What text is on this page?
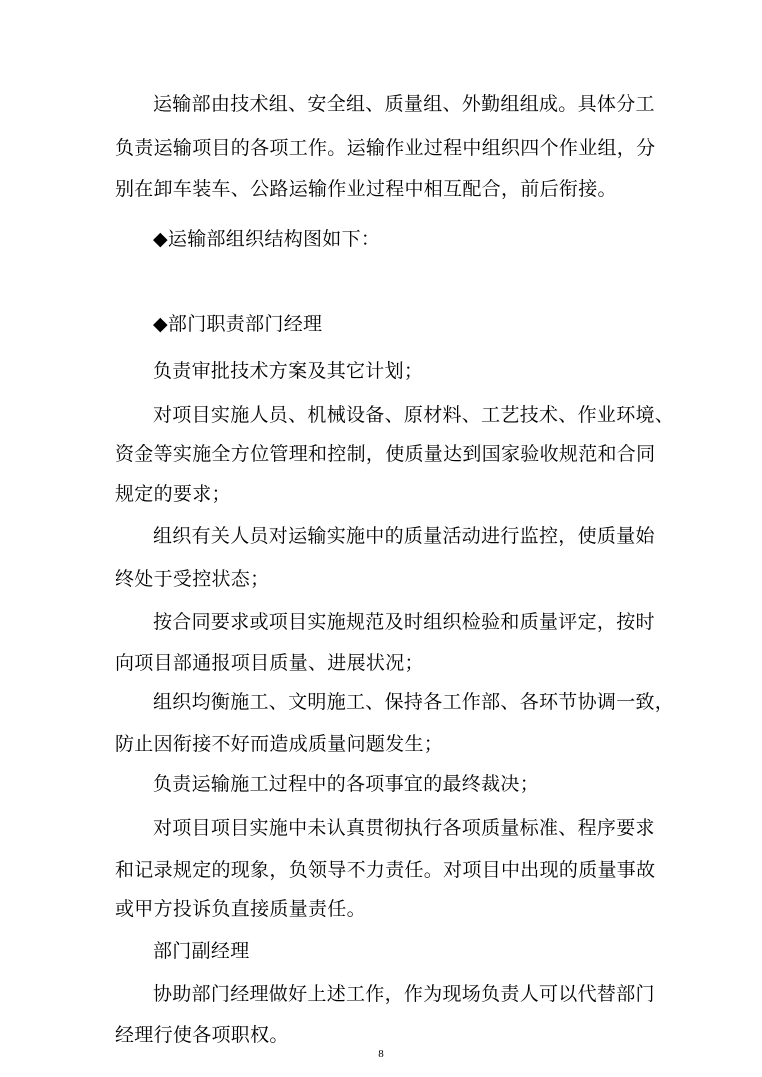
运输部由技术组、安全组、质量组、外勤组组成。具体分工
负责运输项目的各项工作。运输作业过程中组织四个作业组，分
别在卸车装车、公路运输作业过程中相互配合，前后衔接。
◆运输部组织结构图如下：
◆部门职责部门经理
负责审批技术方案及其它计划；
对项目实施人员、机械设备、原材料、工艺技术、作业环境、
资金等实施全方位管理和控制，使质量达到国家验收规范和合同
规定的要求；
组织有关人员对运输实施中的质量活动进行监控，使质量始
终处于受控状态；
按合同要求或项目实施规范及时组织检验和质量评定，按时
向项目部通报项目质量、进展状况；
组织均衡施工、文明施工、保持各工作部、各环节协调一致，
防止因衔接不好而造成质量问题发生；
负责运输施工过程中的各项事宜的最终裁决；
对项目项目实施中未认真贯彻执行各项质量标准、程序要求
和记录规定的现象，负领导不力责任。对项目中出现的质量事故
或甲方投诉负直接质量责任。
部门副经理
协助部门经理做好上述工作，作为现场负责人可以代替部门
经理行使各项职权。
8
